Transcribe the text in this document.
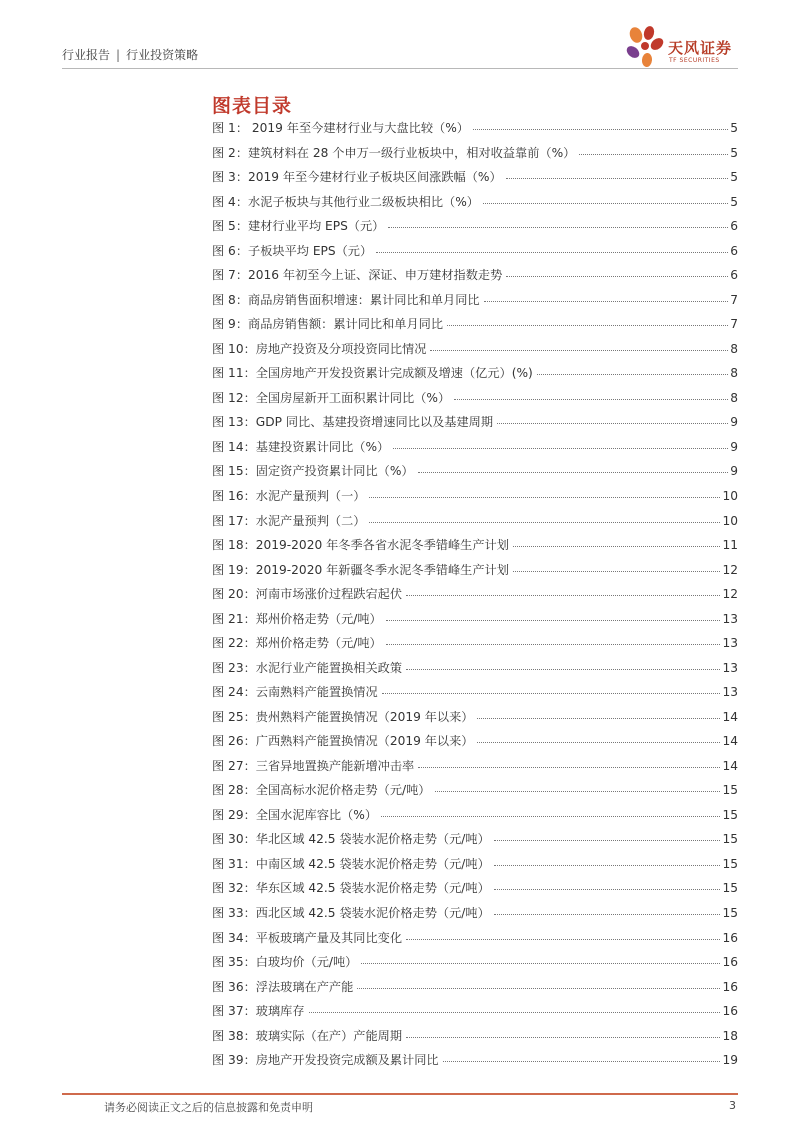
行业报告 | 行业投资策略	天风证券
TF SECURITIES
图表目录
图 1： 2019 年至今建材行业与大盘比较（%）	5
图 2：建筑材料在 28 个申万一级行业板块中，相对收益靠前（%）	5
图 3：2019 年至今建材行业子板块区间涨跌幅（%）	5
图 4：水泥子板块与其他行业二级板块相比（%）	5
图 5：建材行业平均 EPS（元）	6
图 6：子板块平均 EPS（元）	6
图 7：2016 年初至今上证、深证、申万建材指数走势	6
图 8：商品房销售面积增速：累计同比和单月同比	7
图 9：商品房销售额：累计同比和单月同比	7
图 10：房地产投资及分项投资同比情况	8
图 11：全国房地产开发投资累计完成额及增速（亿元）(%)	8
图 12：全国房屋新开工面积累计同比（%）	8
图 13：GDP 同比、基建投资增速同比以及基建周期	9
图 14：基建投资累计同比（%）	9
图 15：固定资产投资累计同比（%）	9
图 16：水泥产量预判（一）	10
图 17：水泥产量预判（二）	10
图 18：2019-2020 年冬季各省水泥冬季错峰生产计划	11
图 19：2019-2020 年新疆冬季水泥冬季错峰生产计划	12
图 20：河南市场涨价过程跌宕起伏	12
图 21：郑州价格走势（元/吨）	13
图 22：郑州价格走势（元/吨）	13
图 23：水泥行业产能置换相关政策	13
图 24：云南熟料产能置换情况	13
图 25：贵州熟料产能置换情况（2019 年以来）	14
图 26：广西熟料产能置换情况（2019 年以来）	14
图 27：三省异地置换产能新增冲击率	14
图 28：全国高标水泥价格走势（元/吨）	15
图 29：全国水泥库容比（%）	15
图 30：华北区域 42.5 袋装水泥价格走势（元/吨）	15
图 31：中南区域 42.5 袋装水泥价格走势（元/吨）	15
图 32：华东区域 42.5 袋装水泥价格走势（元/吨）	15
图 33：西北区域 42.5 袋装水泥价格走势（元/吨）	15
图 34：平板玻璃产量及其同比变化	16
图 35：白玻均价（元/吨）	16
图 36：浮法玻璃在产产能	16
图 37：玻璃库存	16
图 38：玻璃实际（在产）产能周期	18
图 39：房地产开发投资完成额及累计同比	19
请务必阅读正文之后的信息披露和免责申明	3
